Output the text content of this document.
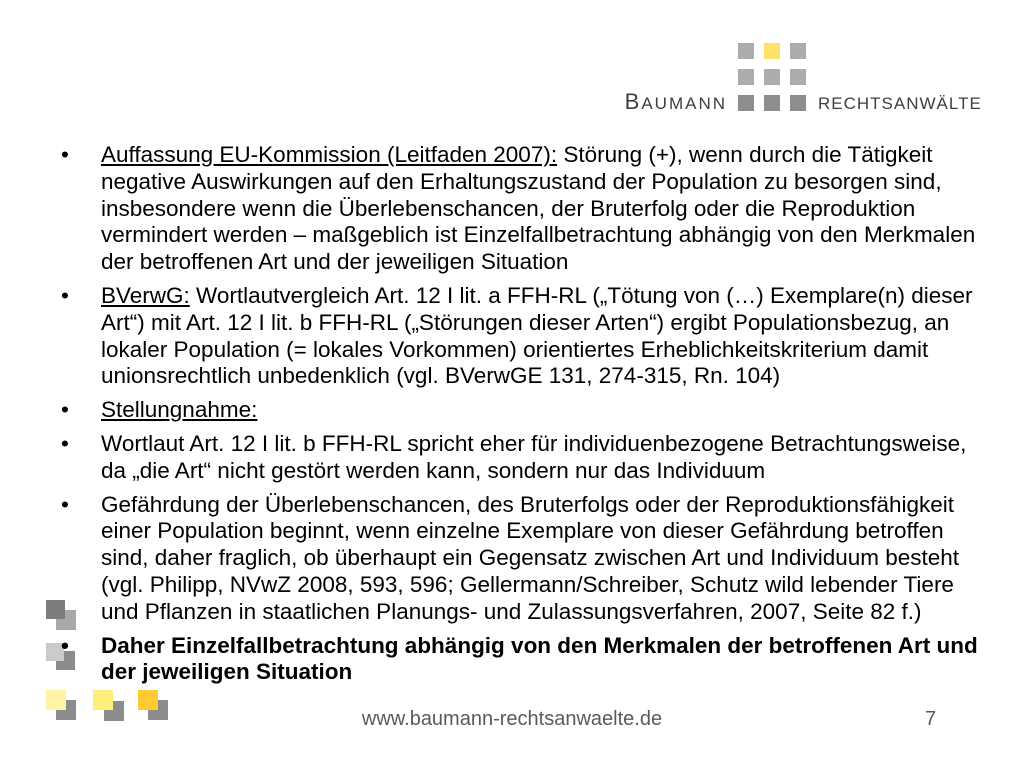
BAUMANN	RECHTSANWÄLTE
• Auffassung EU-Kommission (Leitfaden 2007): Störung (+), wenn durch die Tätigkeit
negative Auswirkungen auf den Erhaltungszustand der Population zu besorgen sind,
insbesondere wenn die Überlebenschancen, der Bruterfolg oder die Reproduktion
vermindert werden – maßgeblich ist Einzelfallbetrachtung abhängig von den Merkmalen
der betroffenen Art und der jeweiligen Situation
• BVerwG: Wortlautvergleich Art. 12 I lit. a FFH-RL („Tötung von (…) Exemplare(n) dieser
Art“) mit Art. 12 I lit. b FFH-RL („Störungen dieser Arten“) ergibt Populationsbezug, an
lokaler Population (= lokales Vorkommen) orientiertes Erheblichkeitskriterium damit
unionsrechtlich unbedenklich (vgl. BVerwGE 131, 274-315, Rn. 104)
• Stellungnahme:
• Wortlaut Art. 12 I lit. b FFH-RL spricht eher für individuenbezogene Betrachtungsweise,
da „die Art“ nicht gestört werden kann, sondern nur das Individuum
• Gefährdung der Überlebenschancen, des Bruterfolgs oder der Reproduktionsfähigkeit
einer Population beginnt, wenn einzelne Exemplare von dieser Gefährdung betroffen
sind, daher fraglich, ob überhaupt ein Gegensatz zwischen Art und Individuum besteht
(vgl. Philipp, NVwZ 2008, 593, 596; Gellermann/Schreiber, Schutz wild lebender Tiere
und Pflanzen in staatlichen Planungs- und Zulassungsverfahren, 2007, Seite 82 f.)
• Daher Einzelfallbetrachtung abhängig von den Merkmalen der betroffenen Art und
der jeweiligen Situation
www.baumann-rechtsanwaelte.de	7
